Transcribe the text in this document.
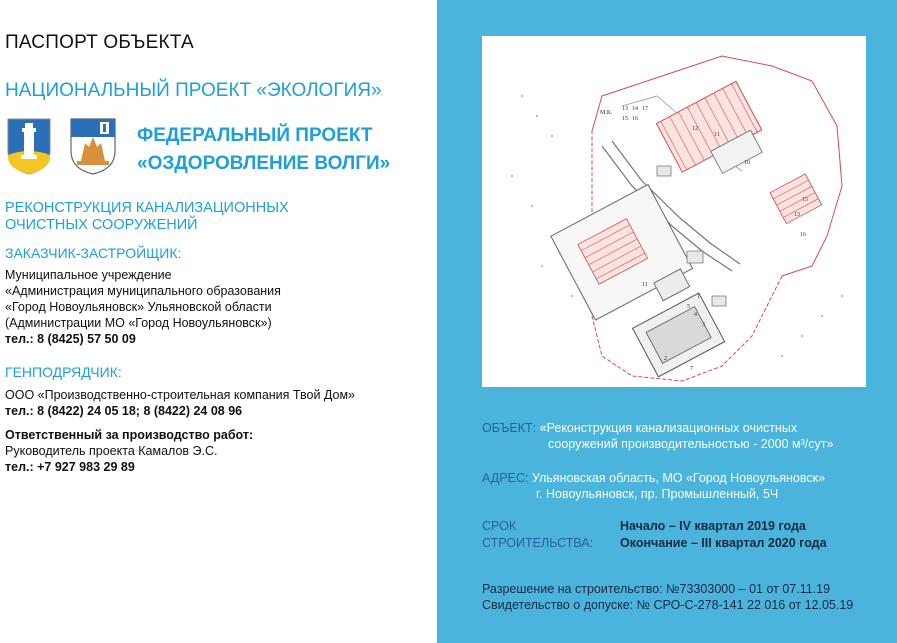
ПАСПОРТ ОБЪЕКТА
НАЦИОНАЛЬНЫЙ ПРОЕКТ «ЭКОЛОГИЯ»
ФЕДЕРАЛЬНЫЙ ПРОЕКТ
«ОЗДОРОВЛЕНИЕ ВОЛГИ»
РЕКОНСТРУКЦИЯ КАНАЛИЗАЦИОННЫХ
ОЧИСТНЫХ СООРУЖЕНИЙ
ЗАКАЗЧИК-ЗАСТРОЙЩИК:
Муниципальное учреждение
«Администрация муниципального образования
«Город Новоульяновск» Ульяновской области
(Администрации МО «Город Новоульяновск»)
тел.: 8 (8425) 57 50 09
ГЕНПОДРЯДЧИК:
ООО «Производственно-строительная компания Твой Дом»
тел.: 8 (8422) 24 05 18; 8 (8422) 24 08 96
Ответственный за производство работ:
Руководитель проекта Камалов Э.С.
тел.: +7 927 983 29 89
М.К.
13 14
15 16
17
11
12
10
15
13
16
11
1
5
4
3
2
7
ОБЪЕКТ: «Реконструкция канализационных очистных
сооружений производительностью - 2000 м³/сут»
АДРЕС: Ульяновская область, МО «Город Новоульяновск»
г. Новоульяновск, пр. Промышленный, 5Ч
СРОК
СТРОИТЕЛЬСТВА:
Начало – IV квартал 2019 года
Окончание – III квартал 2020 года
Разрешение на строительство: №73303000 – 01 от 07.11.19
Свидетельство о допуске: № СРО-С-278-141 22 016 от 12.05.19
